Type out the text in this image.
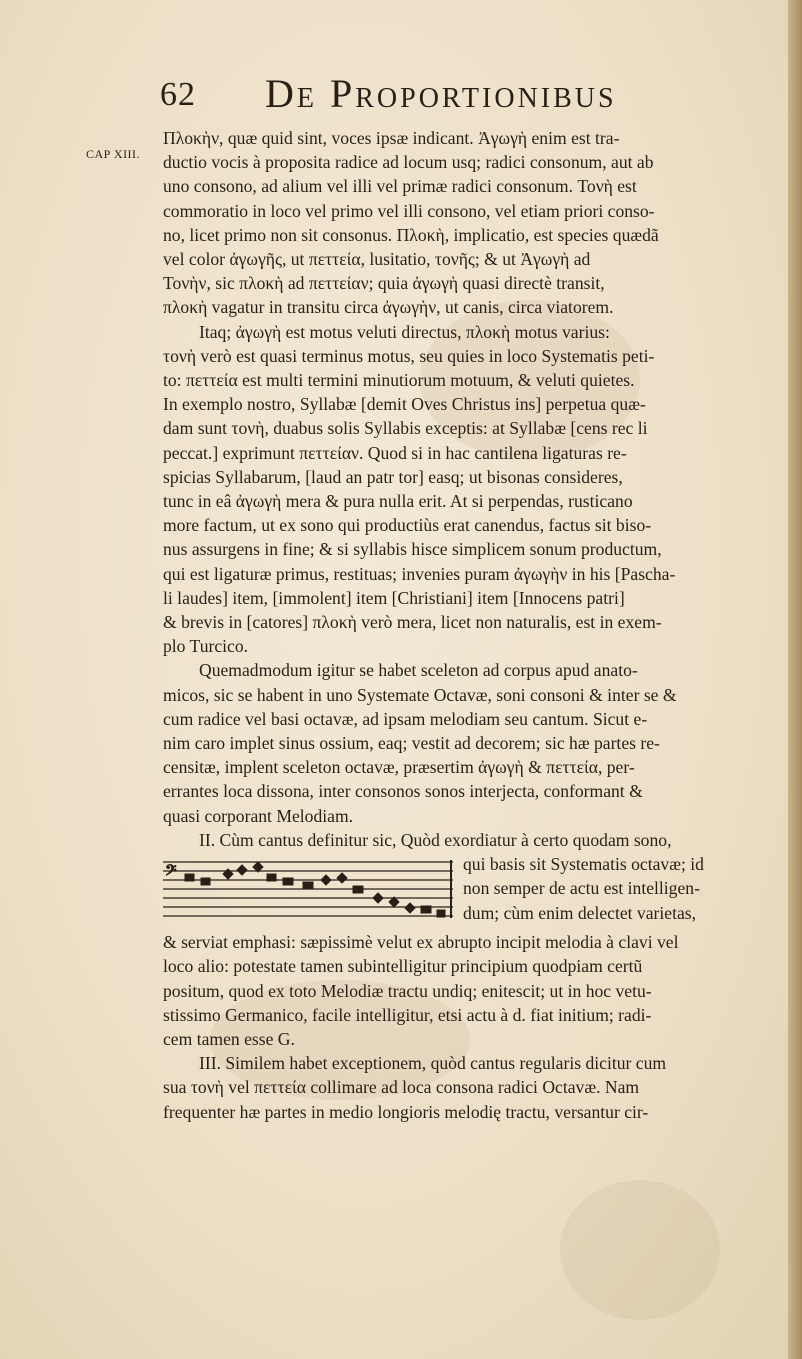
62 De Proportionibus
CAP XIII.

Πλοκὴν, quæ quid sint, voces ipsæ indicant. Ἀγωγὴ enim est tra-
ductio vocis à proposita radice ad locum usq; radici consonum, aut ab
uno consono, ad alium vel illi vel primæ radici consonum. Τονὴ est
commoratio in loco vel primo vel illi consono, vel etiam priori conso-
no, licet primo non sit consonus. Πλοκὴ, implicatio, est species quædã
vel color ἀγωγῆς, ut πεττεία, lusitatio, τονῆς; & ut Ἀγωγὴ ad
Τονὴν, sic πλοκὴ ad πεττείαν; quia ἀγωγὴ quasi directè transit,
πλοκὴ vagatur in transitu circa ἀγωγὴν, ut canis, circa viatorem.

Itaq; ἀγωγὴ est motus veluti directus, πλοκὴ motus varius:
τονὴ verò est quasi terminus motus, seu quies in loco Systematis peti-
to: πεττεία est multi termini minutiorum motuum, & veluti quietes.
In exemplo nostro, Syllabæ [demit Oves Christus ins] perpetua quæ-
dam sunt τονὴ, duabus solis Syllabis exceptis: at Syllabæ [cens rec li
peccat.] exprimunt πεττείαν. Quod si in hac cantilena ligaturas re-
spicias Syllabarum, [laud an patr tor] easq; ut bisonas consideres,
tunc in eâ ἀγωγὴ mera & pura nulla erit. At si perpendas, rusticano
more factum, ut ex sono qui productiùs erat canendus, factus sit biso-
nus assurgens in fine; & si syllabis hisce simplicem sonum productum,
qui est ligaturæ primus, restituas; invenies puram ἀγωγὴν in his [Pascha-
li laudes] item, [immolent] item [Christiani] item [Innocens patri]
& brevis in [catores] πλοκὴ verò mera, licet non naturalis, est in exem-
plo Turcico.

Quemadmodum igitur se habet sceleton ad corpus apud anato-
micos, sic se habent in uno Systemate Octavæ, soni consoni & inter se &
cum radice vel basi octavæ, ad ipsam melodiam seu cantum. Sicut e-
nim caro implet sinus ossium, eaq; vestit ad decorem; sic hæ partes re-
censitæ, implent sceleton octavæ, præsertim ἀγωγὴ & πεττεία, per-
errantes loca dissona, inter consonos sonos interjecta, conformant &
quasi corporant Melodiam.

II. Cùm cantus definitur sic, Quòd exordiatur à certo quodam sono,

𝄢	qui basis sit Systematis octavæ; id
non semper de actu est intelligen-
dum; cùm enim delectet varietas,

& serviat emphasi: sæpissimè velut ex abrupto incipit melodia à clavi vel
loco alio: potestate tamen subintelligitur principium quodpiam certũ
positum, quod ex toto Melodiæ tractu undiq; enitescit; ut in hoc vetu-
stissimo Germanico, facile intelligitur, etsi actu à d. fiat initium; radi-
cem tamen esse G.

III. Similem habet exceptionem, quòd cantus regularis dicitur cum
sua τονὴ vel πεττεία collimare ad loca consona radici Octavæ. Nam
frequenter hæ partes in medio longioris melodię tractu, versantur cir-
